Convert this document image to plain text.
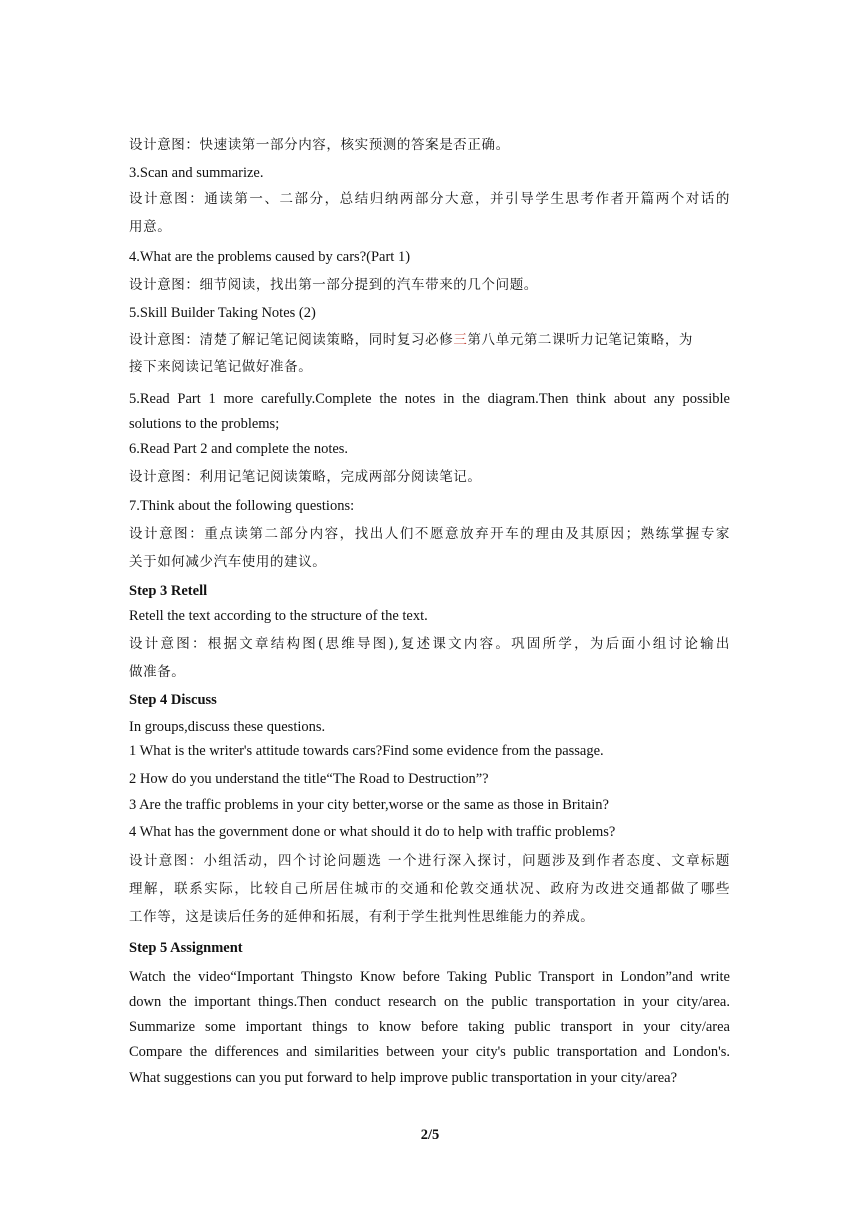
设计意图：快速读第一部分内容，核实预测的答案是否正确。
3.Scan and summarize.
设计意图：通读第一、二部分，总结归纳两部分大意，并引导学生思考作者开篇两个对话的
用意。
4.What are the problems caused by cars?(Part 1)
设计意图：细节阅读，找出第一部分提到的汽车带来的几个问题。
5.Skill Builder Taking Notes (2)
设计意图：清楚了解记笔记阅读策略，同时复习必修三第八单元第二课听力记笔记策略，为
接下来阅读记笔记做好准备。
5.Read Part 1 more carefully.Complete the notes in the diagram.Then think about any possible
solutions to the problems;
6.Read Part 2 and complete the notes.
设计意图：利用记笔记阅读策略，完成两部分阅读笔记。
7.Think about the following questions:
设计意图：重点读第二部分内容，找出人们不愿意放弃开车的理由及其原因；熟练掌握专家
关于如何减少汽车使用的建议。
Step 3 Retell
Retell the text according to the structure of the text.
设计意图：根据文章结构图(思维导图),复述课文内容。巩固所学，为后面小组讨论输出
做准备。
Step 4 Discuss
In groups,discuss these questions.
1 What is the writer's attitude towards cars?Find some evidence from the passage.
2 How do you understand the title“The Road to Destruction”?
3 Are the traffic problems in your city better,worse or the same as those in Britain?
4 What has the government done or what should it do to help with traffic problems?
设计意图：小组活动，四个讨论问题选 一个进行深入探讨，问题涉及到作者态度、文章标题
理解，联系实际，比较自己所居住城市的交通和伦敦交通状况、政府为改进交通都做了哪些
工作等，这是读后任务的延伸和拓展，有利于学生批判性思维能力的养成。
Step 5 Assignment
Watch the video“Important Thingsto Know before Taking Public Transport in London”and write
down the important things.Then conduct research on the public transportation in your city/area.
Summarize some important things to know before taking public transport in your city/area
Compare the differences and similarities between your city's public transportation and London's.
What suggestions can you put forward to help improve public transportation in your city/area?
2/5
